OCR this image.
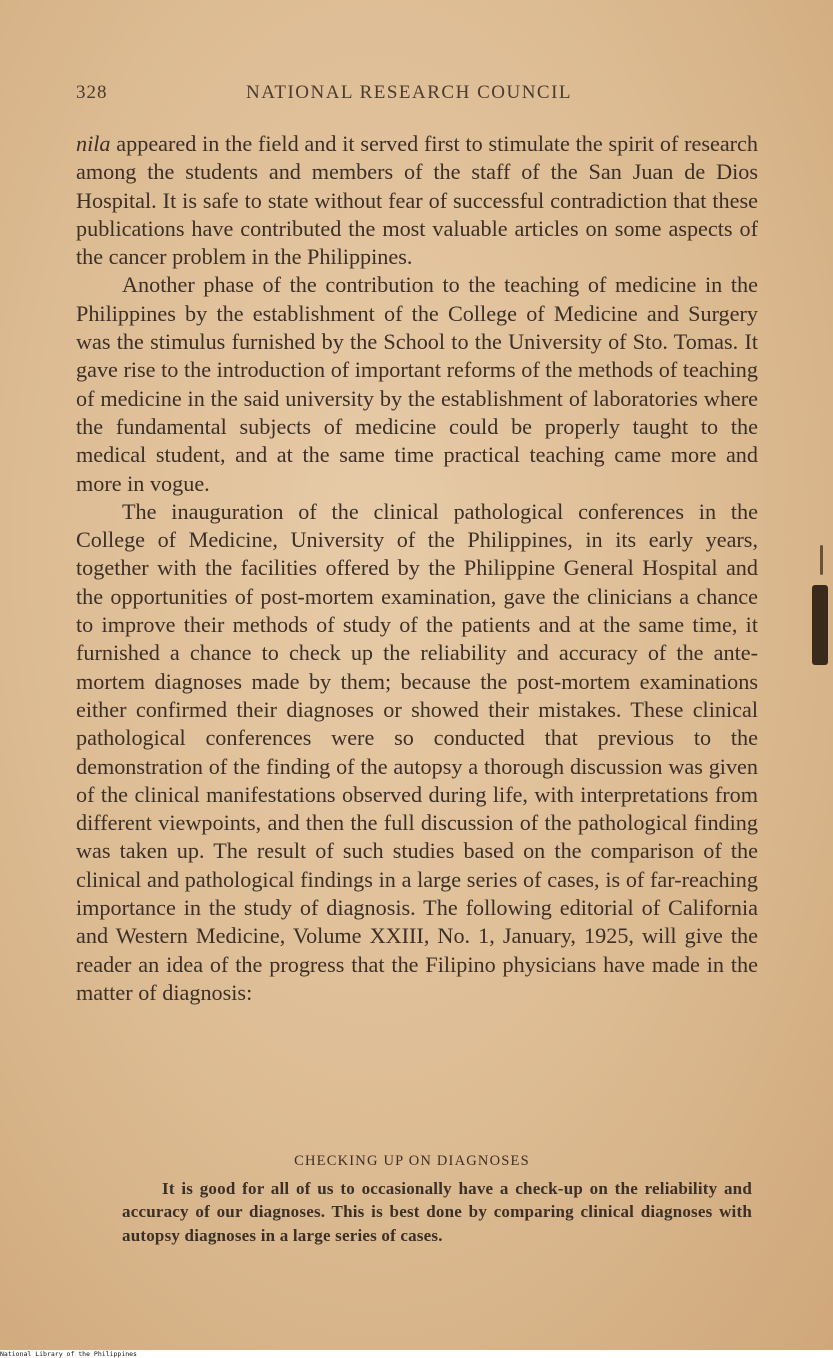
328	NATIONAL RESEARCH COUNCIL

nila appeared in the field and it served first to stimulate the spirit of research among the students and members of the staff of the San Juan de Dios Hospital. It is safe to state without fear of successful contradiction that these publications have contributed the most valuable articles on some aspects of the cancer problem in the Philippines.

Another phase of the contribution to the teaching of medicine in the Philippines by the establishment of the College of Medicine and Surgery was the stimulus furnished by the School to the University of Sto. Tomas. It gave rise to the introduction of important reforms of the methods of teaching of medicine in the said university by the establishment of laboratories where the fundamental subjects of medicine could be properly taught to the medical student, and at the same time practical teaching came more and more in vogue.

The inauguration of the clinical pathological conferences in the College of Medicine, University of the Philippines, in its early years, together with the facilities offered by the Philippine General Hospital and the opportunities of post-mortem examination, gave the clinicians a chance to improve their methods of study of the patients and at the same time, it furnished a chance to check up the reliability and accuracy of the ante-mortem diagnoses made by them; because the post-mortem examinations either confirmed their diagnoses or showed their mistakes. These clinical pathological conferences were so conducted that previous to the demonstration of the finding of the autopsy a thorough discussion was given of the clinical manifestations observed during life, with interpretations from different viewpoints, and then the full discussion of the pathological finding was taken up. The result of such studies based on the comparison of the clinical and pathological findings in a large series of cases, is of far-reaching importance in the study of diagnosis. The following editorial of California and Western Medicine, Volume XXIII, No. 1, January, 1925, will give the reader an idea of the progress that the Filipino physicians have made in the matter of diagnosis:

CHECKING UP ON DIAGNOSES

It is good for all of us to occasionally have a check-up on the reliability and accuracy of our diagnoses. This is best done by comparing clinical diagnoses with autopsy diagnoses in a large series of cases.

National Library of the Philippines
